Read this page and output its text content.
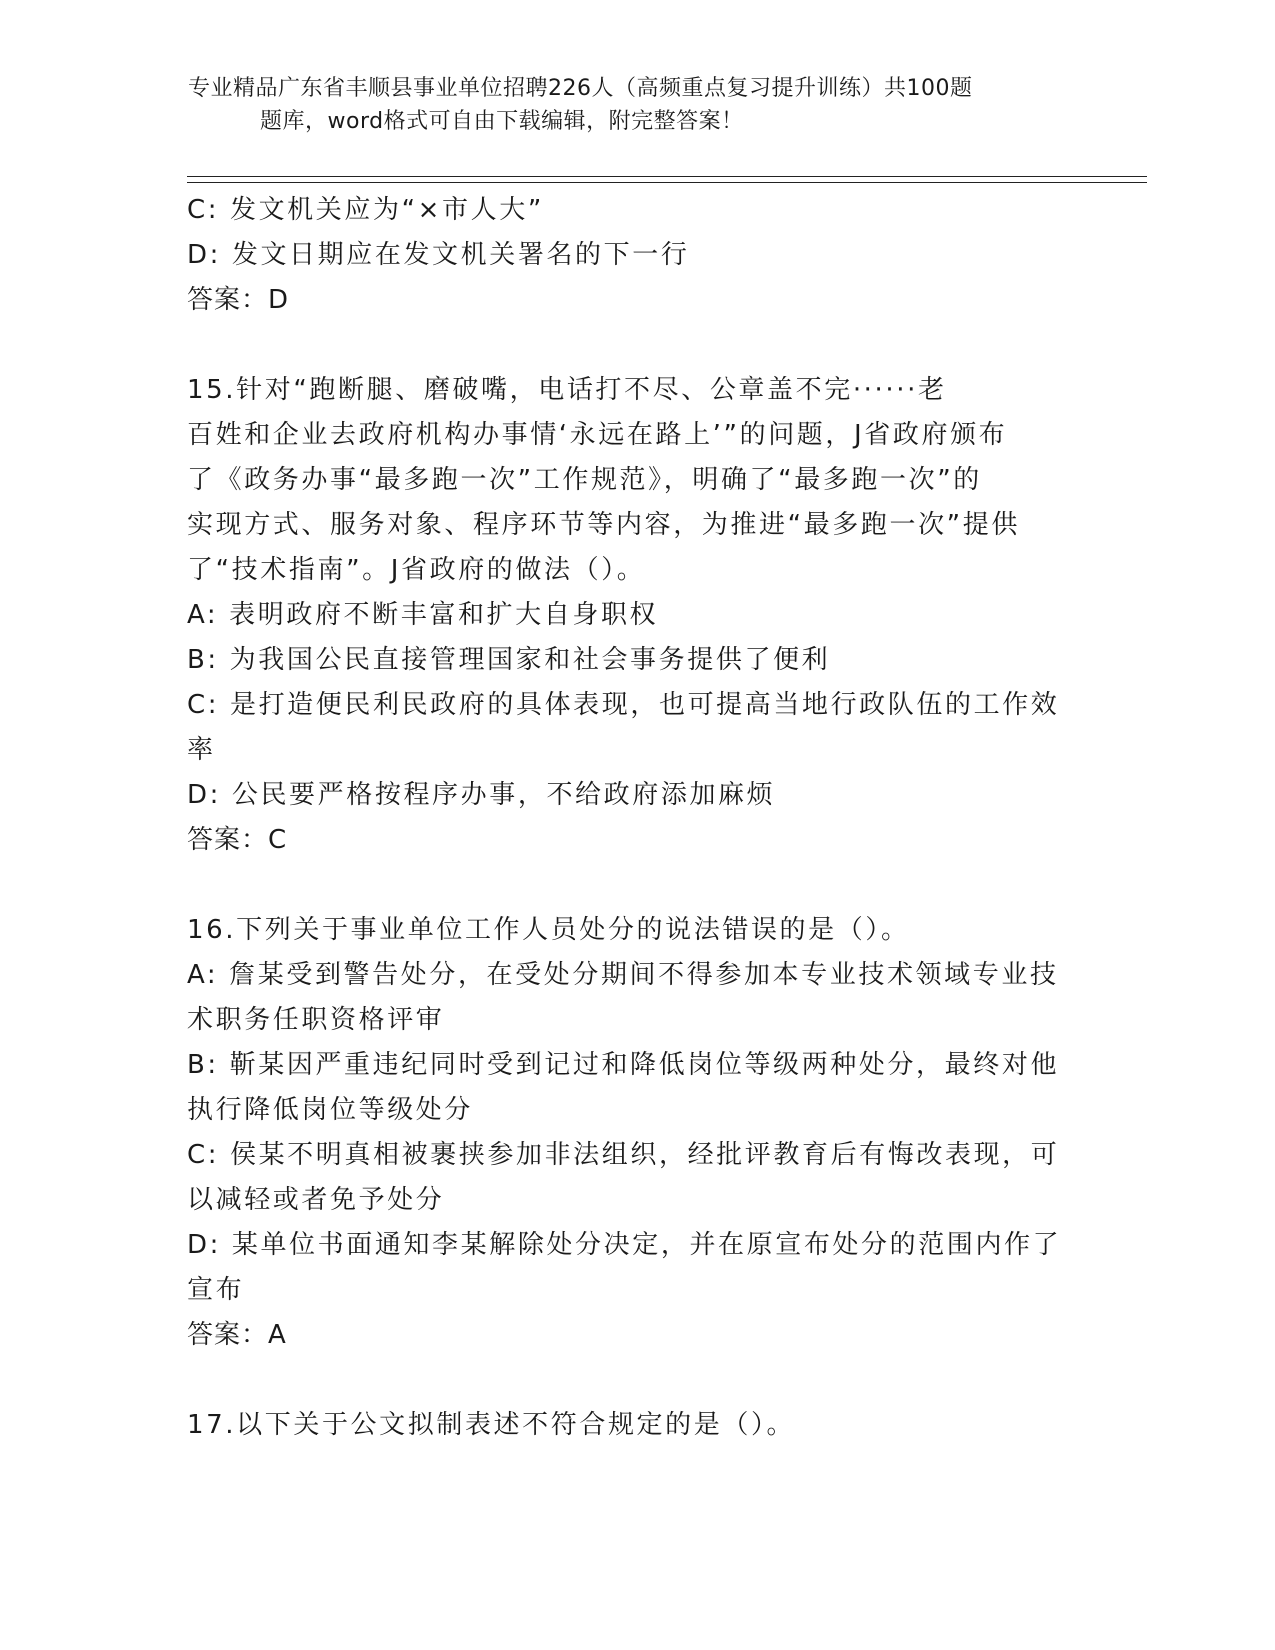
专业精品广东省丰顺县事业单位招聘226人（高频重点复习提升训练）共100题
题库，word格式可自由下载编辑，附完整答案！

C: 发文机关应为“×市人大”

D: 发文日期应在发文机关署名的下一行

答案：D

15.针对“跑断腿、磨破嘴，电话打不尽、公章盖不完······老

百姓和企业去政府机构办事情‘永远在路上’”的问题，J省政府颁布

了《政务办事“最多跑一次”工作规范》，明确了“最多跑一次”的

实现方式、服务对象、程序环节等内容，为推进“最多跑一次”提供

了“技术指南”。J省政府的做法（）。

A: 表明政府不断丰富和扩大自身职权

B: 为我国公民直接管理国家和社会事务提供了便利

C: 是打造便民利民政府的具体表现，也可提高当地行政队伍的工作效

率

D: 公民要严格按程序办事，不给政府添加麻烦

答案：C

16.下列关于事业单位工作人员处分的说法错误的是（）。

A: 詹某受到警告处分，在受处分期间不得参加本专业技术领域专业技

术职务任职资格评审

B: 靳某因严重违纪同时受到记过和降低岗位等级两种处分，最终对他

执行降低岗位等级处分

C: 侯某不明真相被裹挟参加非法组织，经批评教育后有悔改表现，可

以减轻或者免予处分

D: 某单位书面通知李某解除处分决定，并在原宣布处分的范围内作了

宣布

答案：A

17.以下关于公文拟制表述不符合规定的是（）。
